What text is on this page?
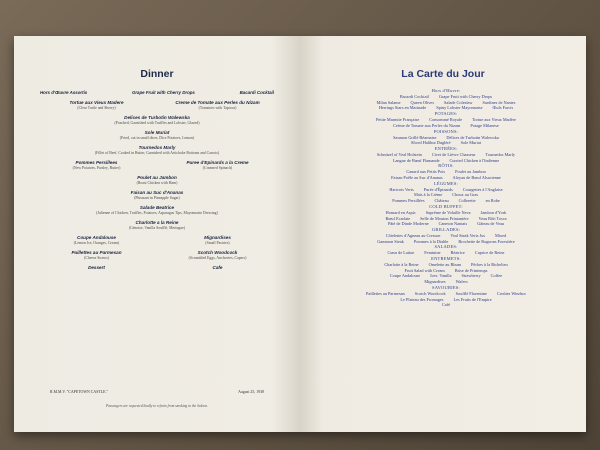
Dinner
Hors d'Œuvre Assortis	Grape Fruit with Cherry Drops	Bacardi Cocktail
Tortue aux Vieux Madere
(Clear Turtle and Sherry)
Creme de Tomate aux Perles du Nizam
(Tomatoes with Tapioca)
Delices de Turbotin Walewska
(Poached, Garnished with Truffles and Lobster, Glazed)
Sole Muriat
(Fried, cut in small dices, Dice Potatoes, Lemon)
Tournedos Marly
(Fillet of Beef, Cooked in Butter, Garnished with Artichoke Bottoms and Carrots)
Pommes Persillees
(New Potatoes, Parsley, Butter)
Puree d'Epinards a la Creme
(Creamed Spinach)
Poulet au Jambon
(Roast Chicken with Ham)
Faisan au Suc d'Ananas
(Pheasant in Pineapple Sugar)
Salade Beatrice
(Julienne of Chicken, Truffles, Potatoes, Asparagus Tips, Mayonnaise Dressing)
Charlotte a la Reine
(Génoise, Vanilla Soufflé, Meringue)
Coupe Andalouse
(Lemon Ice, Oranges, Cream)
Mignardises
(Small Pastries)
Paillettes au Parmesan
(Cheese Straws)
Scotch Woodcock
(Scrambled Eggs, Anchovies, Capers)
Dessert	Cafe
R.M.M.V. "CAPETOWN CASTLE."	August 25, 1938
Passengers are requested kindly to refrain from smoking in the Saloon.
La Carte du Jour
Hors d'Œuvre:
Bacardi Cocktail Grape Fruit with Cherry Drops
Milan Salame Queen Olives Salade Coleslaw Sardines de Nantes
Herrings Stars en Marinade Spiny Lobster Mayonnaise Œufs Farcis
POTAGES:
Petite Marmite Française Consommé Royale Tortue aux Vieux Madère
Crème de Tomate aux Perles du Nizam Potage Milanese
POISSONS:
Saumon Grillé Béarnaise Délices de Turbotin Walewska
Sliced Halibut Dugléré Sole Muriat
ENTRÉES:
Schnitzel of Veal Holstein Civet de Lièvre Chasseur Tournedos Marly
Langue de Bœuf Flamande Curried Chicken à l'Indienne
RÔTIS:
Canard aux Petits Pois Poulet au Jambon
Faisan Poêle au Suc d'Ananas Aloyau de Bœuf Alsacienne
LÉGUMES:
Haricots Verts Purée d'Épinards Courgettes à l'Anglaise
Maïs à la Crème Choux au Gras
Pommes Persillées Château Collerette en Robe
COLD BUFFET:
Homard en Aspic Suprême de Volaille Neva Jambon d'York
Bœuf Ecarlate Selle de Mouton Printanière Veau Rôti Tosca
Pâté de Dinde Moderne Caneton Nantais Gâteau de Veau
GRILLADES:
Côtelettes d'Agneau au Cresson Veal Steak Verts Jus Mixed
Gammon Steak Pommes à la Diable Brochette de Rognons Forestière
SALADES:
Cœur de Laitue Feminine Béatrice Caprice de Reine
ENTREMETS:
Charlotte à la Reine Omelette au Rhum Pêches à la Richelieu
Fruit Salad with Cream Brise de Printemps
Coupe Andalouse Ices: Vanilla Strawberry Coffee
Mignardises Wafers
SAVOURIES:
Paillettes au Parmesan Scotch Woodcock Soufflé Florentine Croûtes Windsor
Le Plateau des Fromages Les Fruits de l'Empire
Café
